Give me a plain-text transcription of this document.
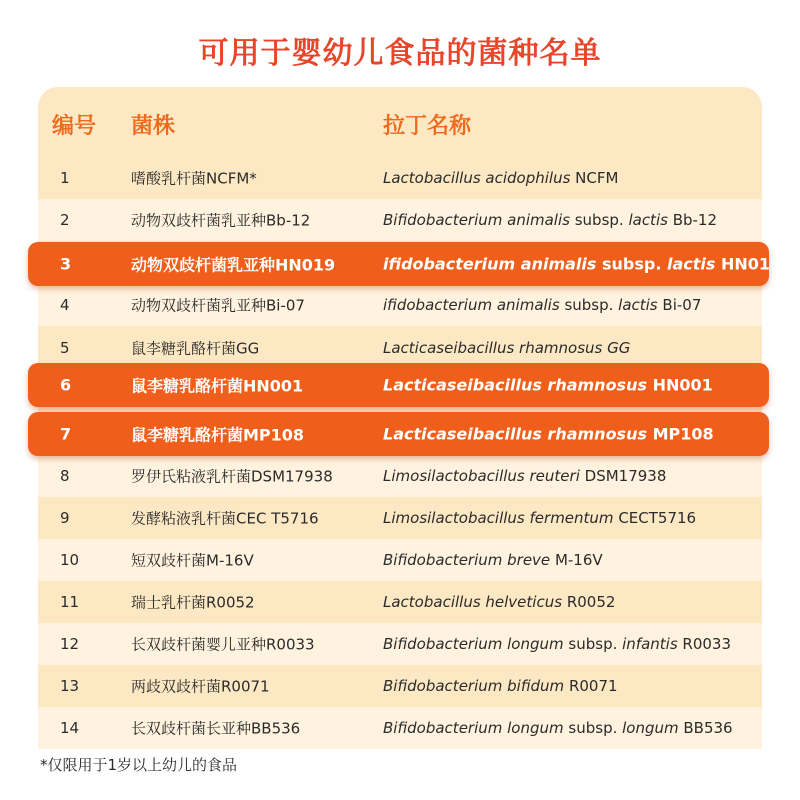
可用于婴幼儿食品的菌种名单
编号 菌株	拉丁名称
1	嗜酸乳杆菌NCFM*	Lactobacillus acidophilus NCFM
2	动物双歧杆菌乳亚种Bb-12	Bifidobacterium animalis subsp. lactis Bb-12
3	动物双歧杆菌乳亚种HN019	ifidobacterium animalis subsp. lactis HN019
4	动物双歧杆菌乳亚种Bi-07	ifidobacterium animalis subsp. lactis Bi-07
5	鼠李糖乳酪杆菌GG	Lacticaseibacillus rhamnosus GG
6	鼠李糖乳酪杆菌HN001	Lacticaseibacillus rhamnosus HN001
7	鼠李糖乳酪杆菌MP108	Lacticaseibacillus rhamnosus MP108
8	罗伊氏粘液乳杆菌DSM17938	Limosilactobacillus reuteri DSM17938
9	发酵粘液乳杆菌CEC T5716	Limosilactobacillus fermentum CECT5716
10	短双歧杆菌M-16V	Bifidobacterium breve M-16V
11	瑞士乳杆菌R0052	Lactobacillus helveticus R0052
12	长双歧杆菌婴儿亚种R0033	Bifidobacterium longum subsp. infantis R0033
13	两歧双歧杆菌R0071	Bifidobacterium bifidum R0071
14	长双歧杆菌长亚种BB536	Bifidobacterium longum subsp. longum BB536
*仅限用于1岁以上幼儿的食品
